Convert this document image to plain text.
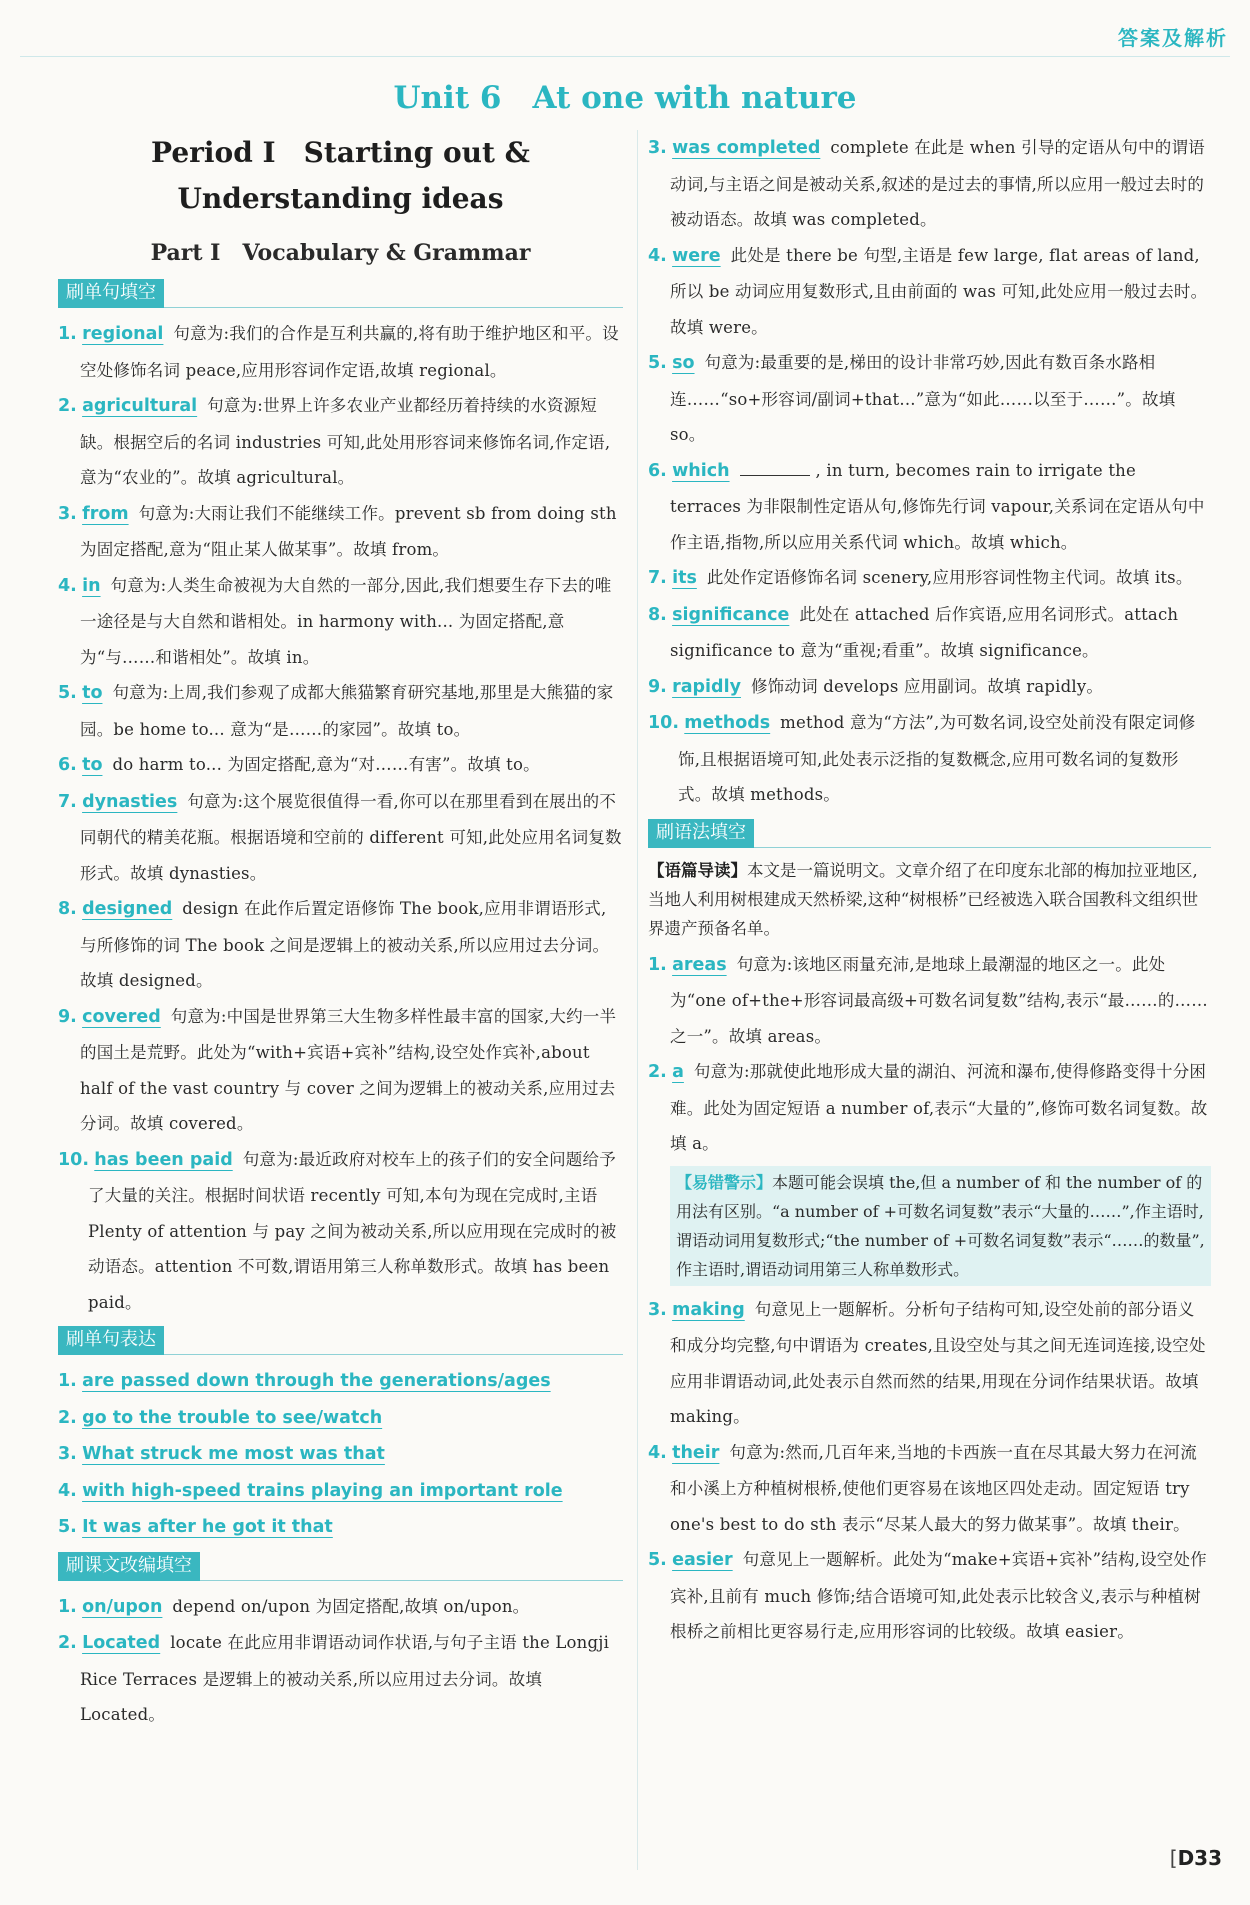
答案及解析
Unit 6　At one with nature
Period Ⅰ　Starting out &
Understanding ideas
Part Ⅰ　Vocabulary & Grammar
刷单句填空

1. regional 句意为:我们的合作是互利共赢的,将有助于维护地区和平。设空处修饰名词 peace,应用形容词作定语,故填 regional。

2. agricultural 句意为:世界上许多农业产业都经历着持续的水资源短缺。根据空后的名词 industries 可知,此处用形容词来修饰名词,作定语,意为“农业的”。故填 agricultural。

3. from 句意为:大雨让我们不能继续工作。prevent sb from doing sth 为固定搭配,意为“阻止某人做某事”。故填 from。

4. in 句意为:人类生命被视为大自然的一部分,因此,我们想要生存下去的唯一途径是与大自然和谐相处。in harmony with... 为固定搭配,意为“与……和谐相处”。故填 in。

5. to 句意为:上周,我们参观了成都大熊猫繁育研究基地,那里是大熊猫的家园。be home to... 意为“是……的家园”。故填 to。

6. to do harm to... 为固定搭配,意为“对……有害”。故填 to。

7. dynasties 句意为:这个展览很值得一看,你可以在那里看到在展出的不同朝代的精美花瓶。根据语境和空前的 different 可知,此处应用名词复数形式。故填 dynasties。

8. designed design 在此作后置定语修饰 The book,应用非谓语形式,与所修饰的词 The book 之间是逻辑上的被动关系,所以应用过去分词。故填 designed。

9. covered 句意为:中国是世界第三大生物多样性最丰富的国家,大约一半的国土是荒野。此处为“with+宾语+宾补”结构,设空处作宾补,about half of the vast country 与 cover 之间为逻辑上的被动关系,应用过去分词。故填 covered。

10. has been paid 句意为:最近政府对校车上的孩子们的安全问题给予了大量的关注。根据时间状语 recently 可知,本句为现在完成时,主语 Plenty of attention 与 pay 之间为被动关系,所以应用现在完成时的被动语态。attention 不可数,谓语用第三人称单数形式。故填 has been paid。

刷单句表达

1. are passed down through the generations/ages

2. go to the trouble to see/watch

3. What struck me most was that

4. with high-speed trains playing an important role

5. It was after he got it that

刷课文改编填空

1. on/upon depend on/upon 为固定搭配,故填 on/upon。

2. Located locate 在此应用非谓语动词作状语,与句子主语 the Longji Rice Terraces 是逻辑上的被动关系,所以应用过去分词。故填 Located。

3. was completed complete 在此是 when 引导的定语从句中的谓语动词,与主语之间是被动关系,叙述的是过去的事情,所以应用一般过去时的被动语态。故填 was completed。

4. were 此处是 there be 句型,主语是 few large, flat areas of land,所以 be 动词应用复数形式,且由前面的 was 可知,此处应用一般过去时。故填 were。

5. so 句意为:最重要的是,梯田的设计非常巧妙,因此有数百条水路相连……“so+形容词/副词+that...”意为“如此……以至于……”。故填 so。

6. which	, in turn, becomes rain to irrigate the terraces 为非限制性定语从句,修饰先行词 vapour,关系词在定语从句中作主语,指物,所以应用关系代词 which。故填 which。

7. its 此处作定语修饰名词 scenery,应用形容词性物主代词。故填 its。

8. significance 此处在 attached 后作宾语,应用名词形式。attach significance to 意为“重视;看重”。故填 significance。

9. rapidly 修饰动词 develops 应用副词。故填 rapidly。

10. methods method 意为“方法”,为可数名词,设空处前没有限定词修饰,且根据语境可知,此处表示泛指的复数概念,应用可数名词的复数形式。故填 methods。

刷语法填空

【语篇导读】本文是一篇说明文。文章介绍了在印度东北部的梅加拉亚地区,当地人利用树根建成天然桥梁,这种“树根桥”已经被选入联合国教科文组织世界遗产预备名单。

1. areas 句意为:该地区雨量充沛,是地球上最潮湿的地区之一。此处为“one of+the+形容词最高级+可数名词复数”结构,表示“最……的……之一”。故填 areas。

2. a 句意为:那就使此地形成大量的湖泊、河流和瀑布,使得修路变得十分困难。此处为固定短语 a number of,表示“大量的”,修饰可数名词复数。故填 a。

【易错警示】本题可能会误填 the,但 a number of 和 the number of 的用法有区别。“a number of +可数名词复数”表示“大量的……”,作主语时,谓语动词用复数形式;“the number of +可数名词复数”表示“……的数量”,作主语时,谓语动词用第三人称单数形式。

3. making 句意见上一题解析。分析句子结构可知,设空处前的部分语义和成分均完整,句中谓语为 creates,且设空处与其之间无连词连接,设空处应用非谓语动词,此处表示自然而然的结果,用现在分词作结果状语。故填 making。

4. their 句意为:然而,几百年来,当地的卡西族一直在尽其最大努力在河流和小溪上方种植树根桥,使他们更容易在该地区四处走动。固定短语 try one's best to do sth 表示“尽某人最大的努力做某事”。故填 their。

5. easier 句意见上一题解析。此处为“make+宾语+宾补”结构,设空处作宾补,且前有 much 修饰;结合语境可知,此处表示比较含义,表示与种植树根桥之前相比更容易行走,应用形容词的比较级。故填 easier。

[D33
